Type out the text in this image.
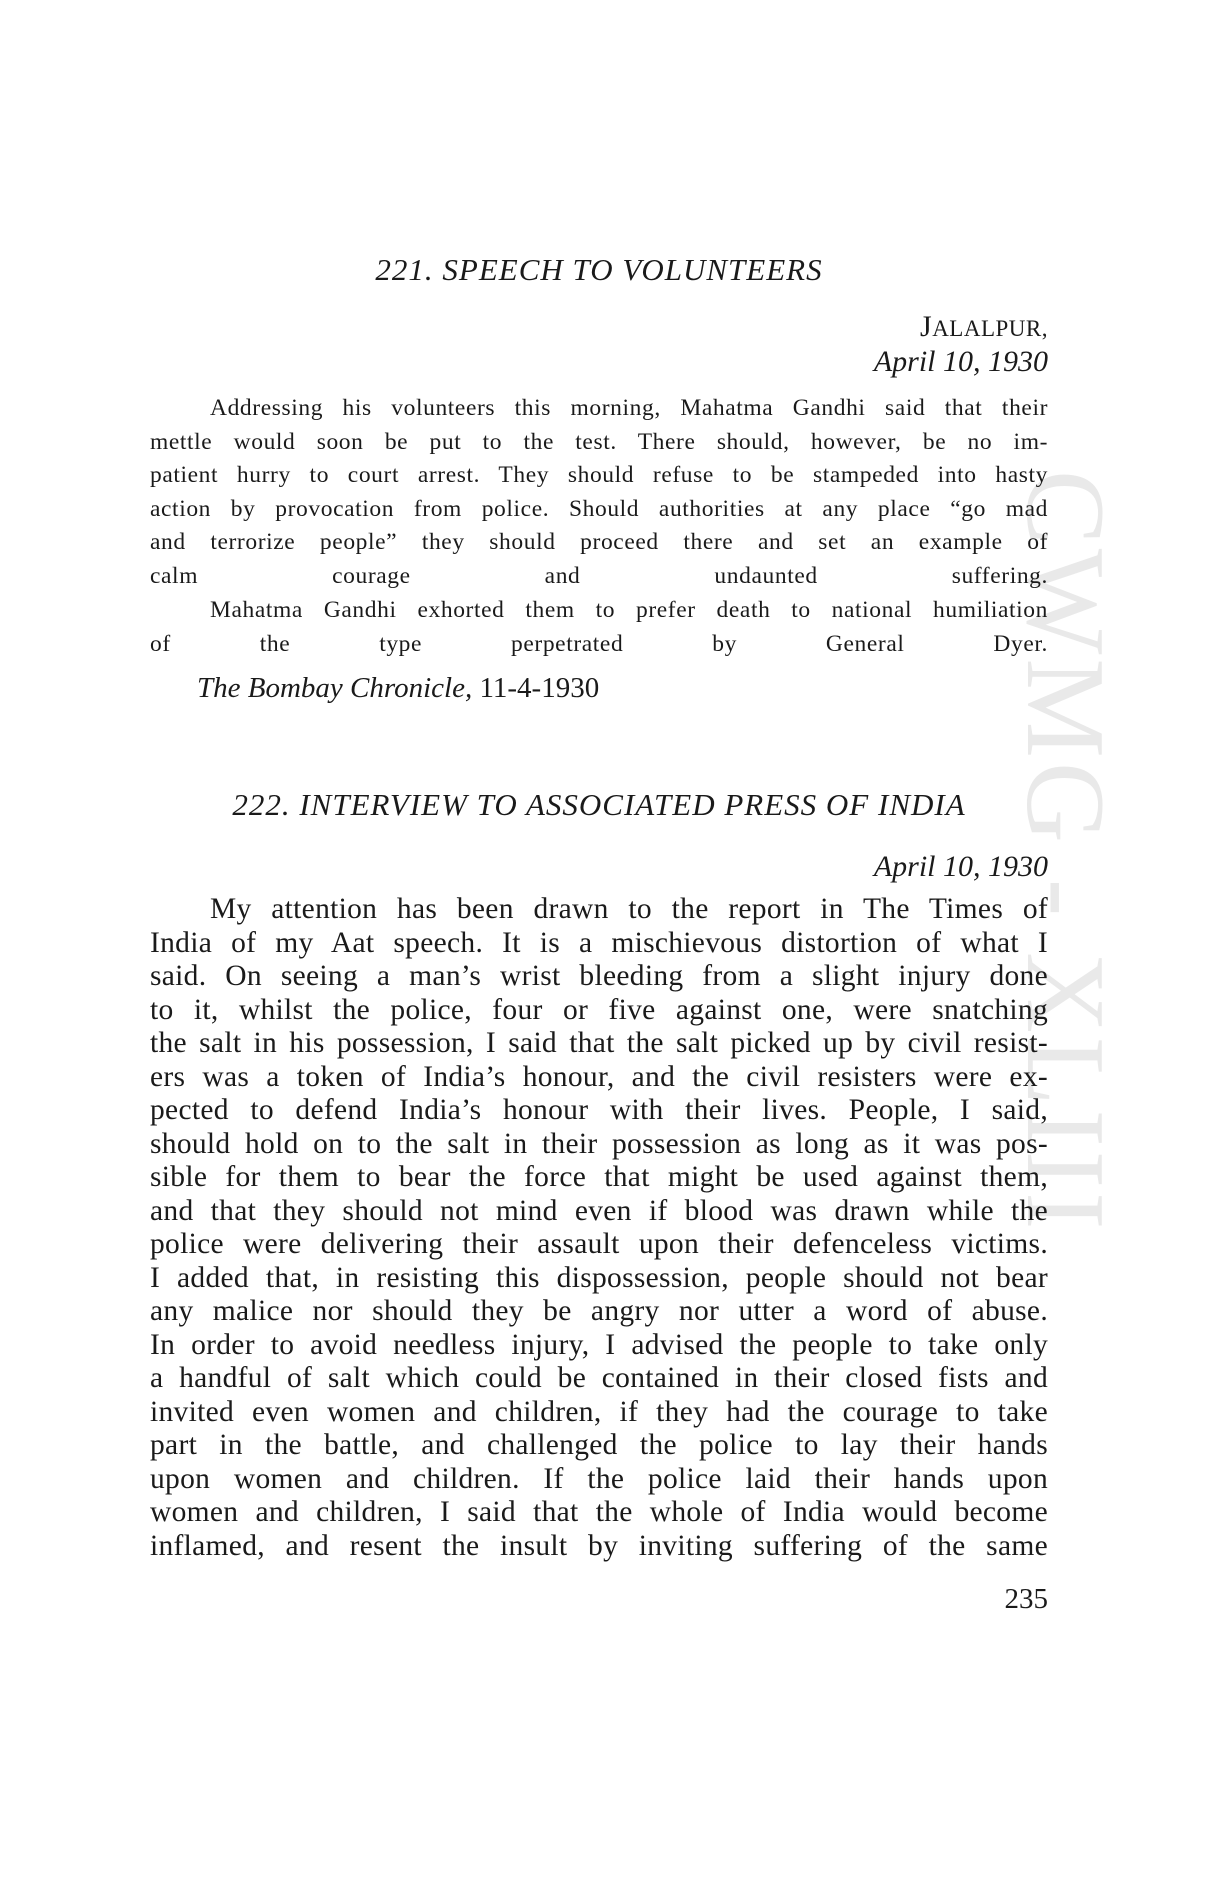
CWMG - XLIII
221. SPEECH TO VOLUNTEERS
JALALPUR,
April 10, 1930
Addressing his volunteers this morning, Mahatma Gandhi said that their
mettle would soon be put to the test. There should, however, be no im-
patient hurry to court arrest. They should refuse to be stampeded into hasty
action by provocation from police. Should authorities at any place “go mad
and terrorize people” they should proceed there and set an example of
calm courage and undaunted suffering.
Mahatma Gandhi exhorted them to prefer death to national humiliation
of the type perpetrated by General Dyer.

The Bombay Chronicle, 11-4-1930

222. INTERVIEW TO ASSOCIATED PRESS OF INDIA
April 10, 1930
My attention has been drawn to the report in The Times of
India of my Aat speech. It is a mischievous distortion of what I
said. On seeing a man’s wrist bleeding from a slight injury done
to it, whilst the police, four or five against one, were snatching
the salt in his possession, I said that the salt picked up by civil resist-
ers was a token of India’s honour, and the civil resisters were ex-
pected to defend India’s honour with their lives. People, I said,
should hold on to the salt in their possession as long as it was pos-
sible for them to bear the force that might be used against them,
and that they should not mind even if blood was drawn while the
police were delivering their assault upon their defenceless victims.
I added that, in resisting this dispossession, people should not bear
any malice nor should they be angry nor utter a word of abuse.
In order to avoid needless injury, I advised the people to take only
a handful of salt which could be contained in their closed fists and
invited even women and children, if they had the courage to take
part in the battle, and challenged the police to lay their hands
upon women and children. If the police laid their hands upon
women and children, I said that the whole of India would become
inflamed, and resent the insult by inviting suffering of the same
235
